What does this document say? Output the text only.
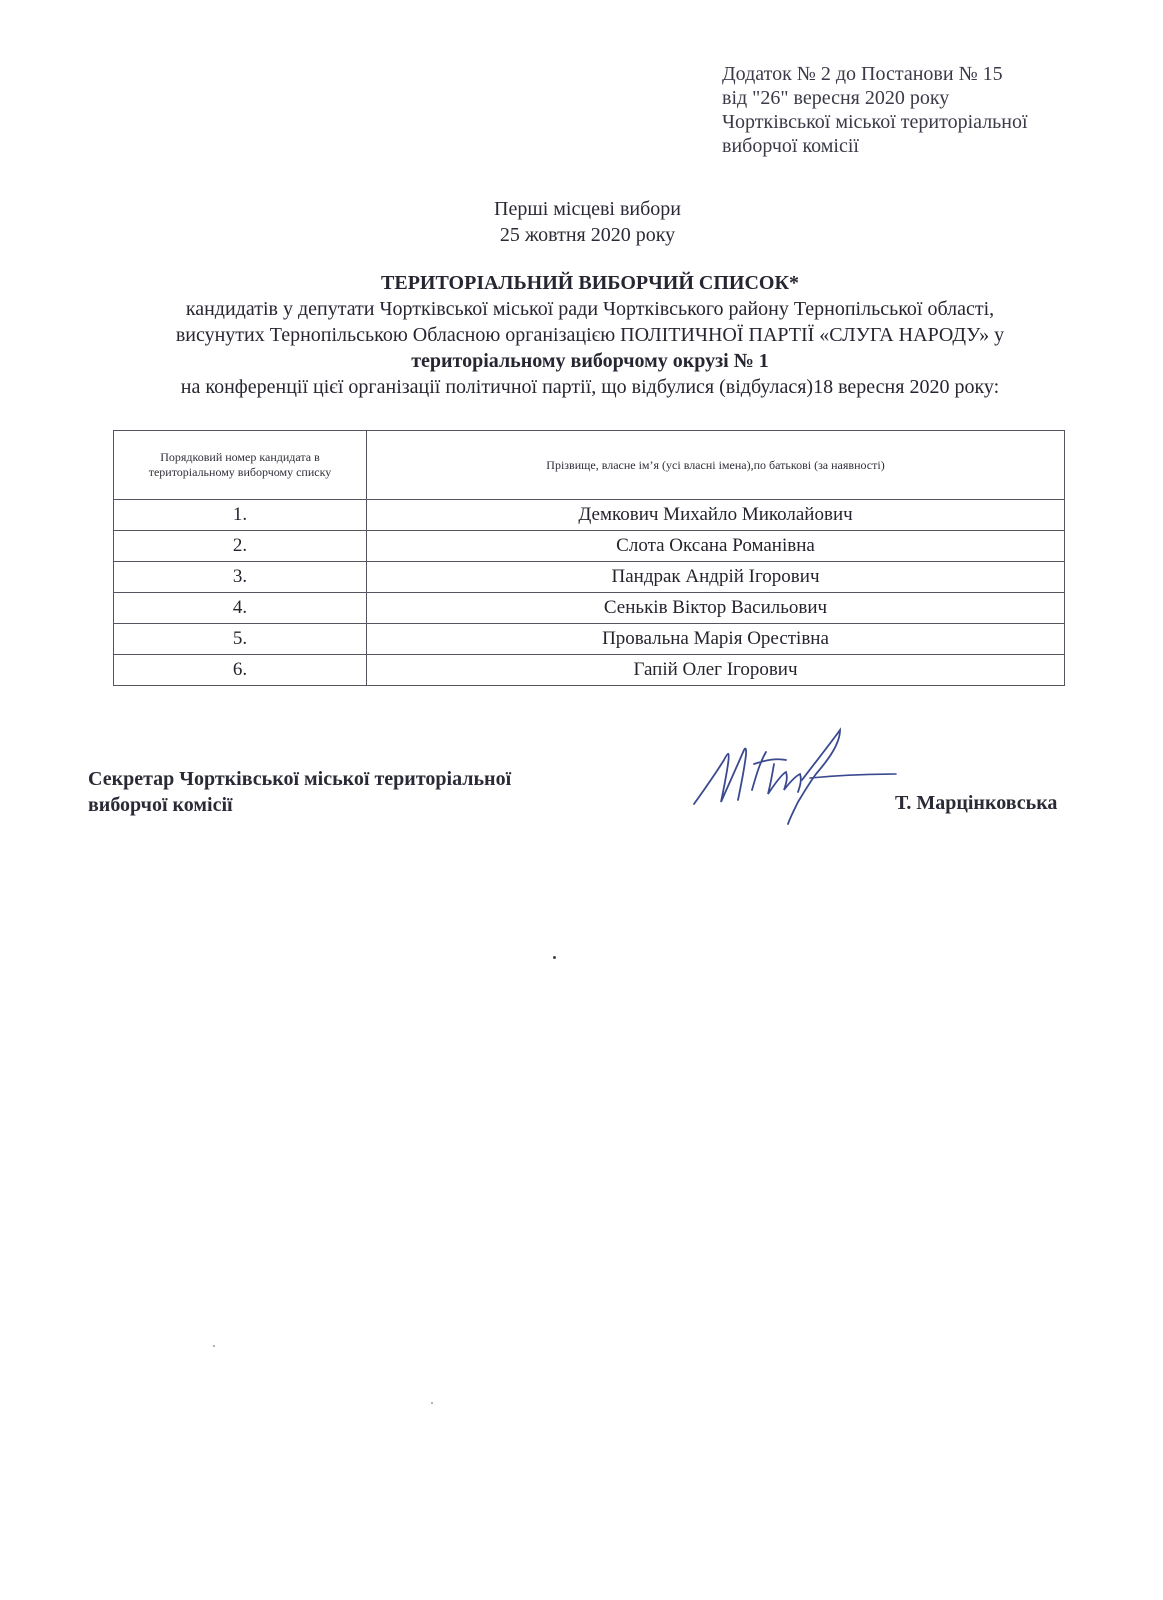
Додаток № 2 до Постанови № 15
від "26" вересня 2020 року
Чортківської міської територіальної
виборчої комісії
Перші місцеві вибори
25 жовтня 2020 року
ТЕРИТОРІАЛЬНИЙ ВИБОРЧИЙ СПИСОК*
кандидатів у депутати Чортківської міської ради Чортківського району Тернопільської області,
висунутих Тернопільською Обласною організацією ПОЛІТИЧНОЇ ПАРТІЇ «СЛУГА НАРОДУ» у
територіальному виборчому окрузі № 1
на конференції цієї організації політичної партії, що відбулися (відбулася)18 вересня 2020 року:
Порядковий номер кандидата в
територіальному виборчому списку	Прізвище, власне ім’я (усі власні імена),по батькові (за наявності)
1.	Демкович Михайло Миколайович
2.	Слота Оксана Романівна
3.	Пандрак Андрій Ігорович
4.	Сеньків Віктор Васильович
5.	Провальна Марія Орестівна
6.	Гапій Олег Ігорович
Секретар Чортківської міської територіальної
виборчої комісії	Т. Марцінковська
